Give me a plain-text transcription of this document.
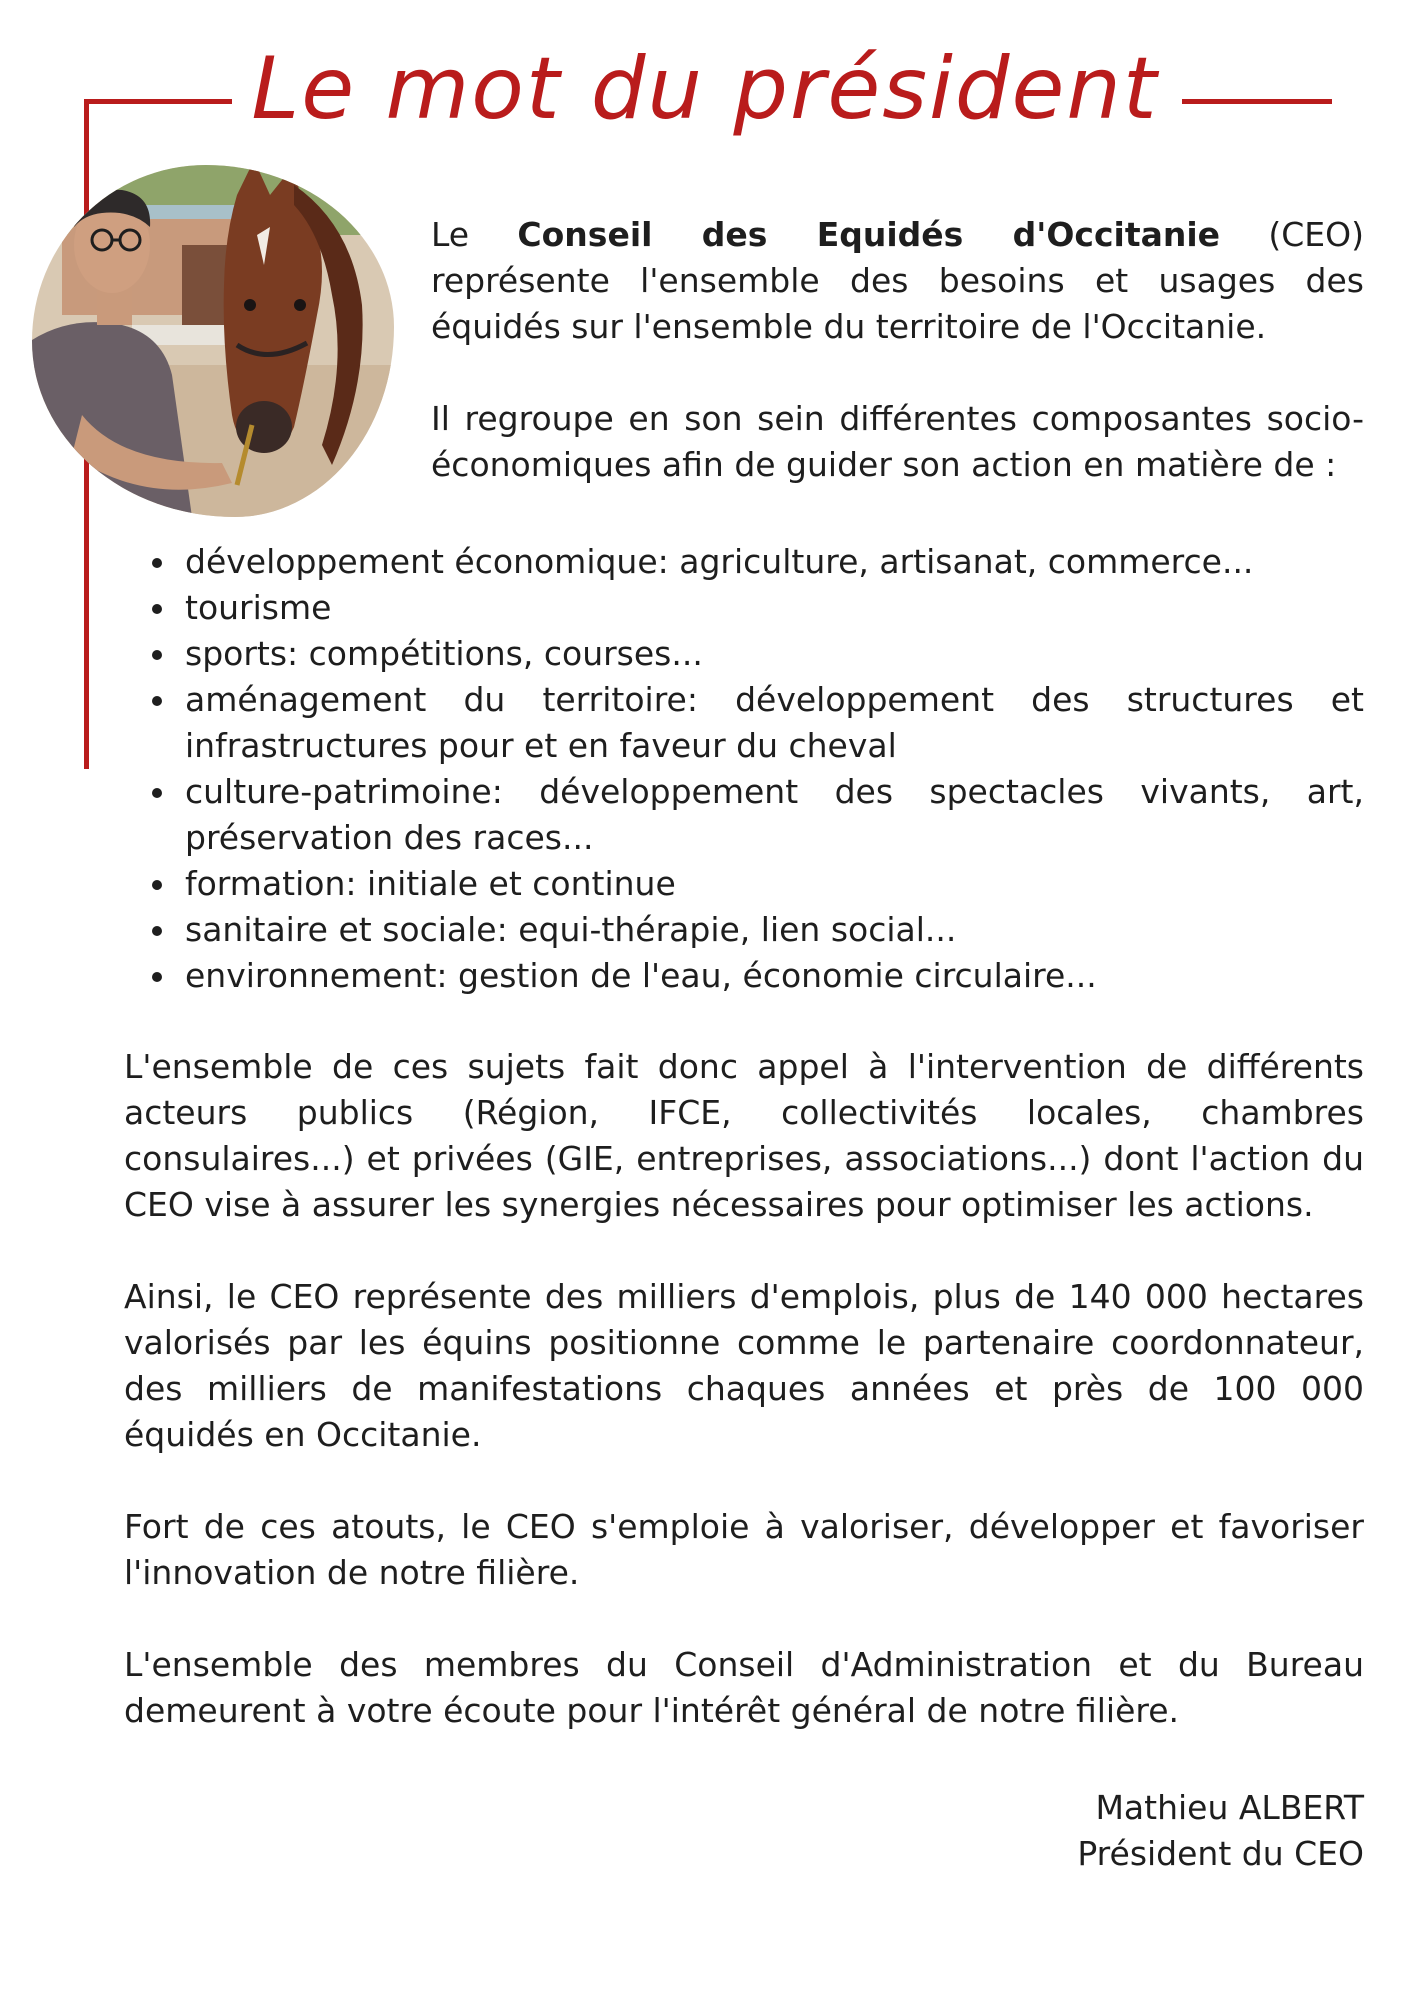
Le mot du président

Le Conseil des Equidés d'Occitanie (CEO) représente l'ensemble des besoins et usages des équidés sur l'ensemble du territoire de l'Occitanie.

Il regroupe en son sein différentes composantes socio-économiques afin de guider son action en matière de :

développement économique: agriculture, artisanat, commerce...
tourisme
sports: compétitions, courses...
aménagement du territoire: développement des structures et infrastructures pour et en faveur du cheval
culture-patrimoine: développement des spectacles vivants, art, préservation des races...
formation: initiale et continue
sanitaire et sociale: equi-thérapie, lien social...
environnement: gestion de l'eau, économie circulaire...

L'ensemble de ces sujets fait donc appel à l'intervention de différents acteurs publics (Région, IFCE, collectivités locales, chambres consulaires...) et privées (GIE, entreprises, associations...) dont l'action du CEO vise à assurer les synergies nécessaires pour optimiser les actions.

Ainsi, le CEO représente des milliers d'emplois, plus de 140 000 hectares valorisés par les équins positionne comme le partenaire coordonnateur, des milliers de manifestations chaques années et près de 100 000 équidés en Occitanie.

Fort de ces atouts, le CEO s'emploie à valoriser, développer et favoriser l'innovation de notre filière.

L'ensemble des membres du Conseil d'Administration et du Bureau demeurent à votre écoute pour l'intérêt général de notre filière.

Mathieu ALBERT
Président du CEO
